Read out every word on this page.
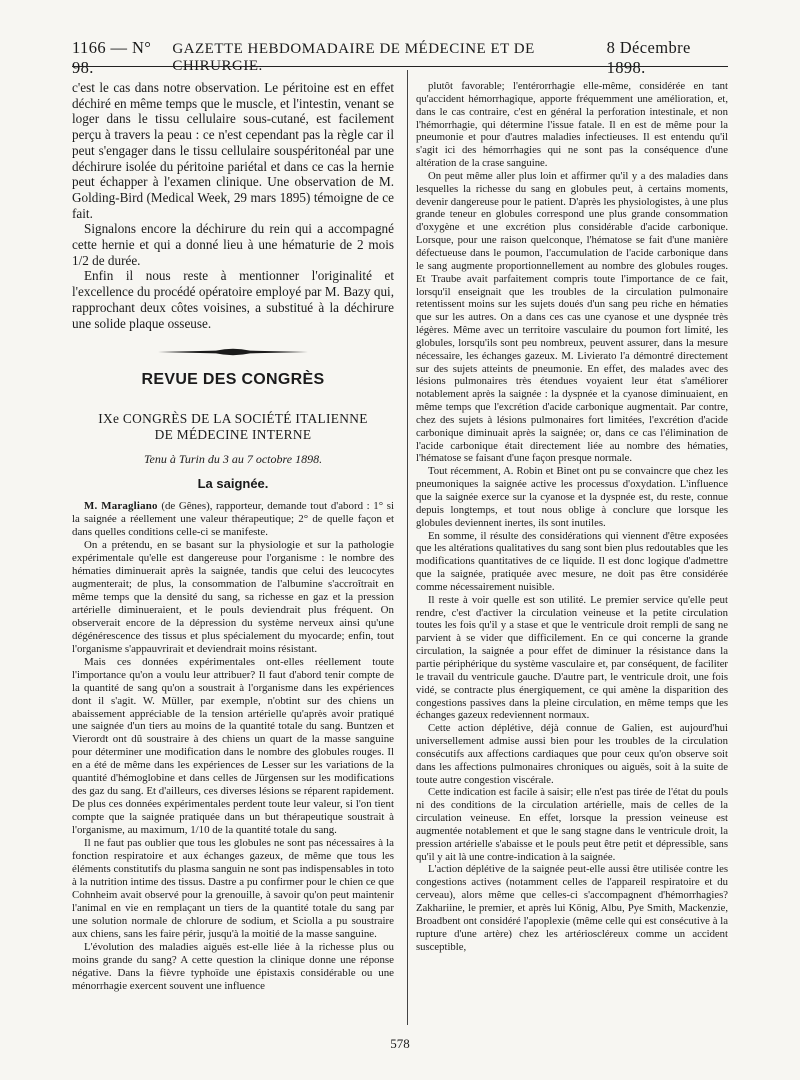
1166 — N° 98.
GAZETTE HEBDOMADAIRE DE MÉDECINE ET DE CHIRURGIE.
8 Décembre 1898.

c'est le cas dans notre observation. Le péritoine est en effet déchiré en même temps que le muscle, et l'intestin, venant se loger dans le tissu cellulaire sous-cutané, est facilement perçu à travers la peau : ce n'est cependant pas la règle car il peut s'engager dans le tissu cellulaire souspéritonéal par une déchirure isolée du péritoine pariétal et dans ce cas la hernie peut échapper à l'examen clinique. Une observation de M. Golding-Bird (Medical Week, 29 mars 1895) témoigne de ce fait.

Signalons encore la déchirure du rein qui a accompagné cette hernie et qui a donné lieu à une hématurie de 2 mois 1/2 de durée.

Enfin il nous reste à mentionner l'originalité et l'excellence du procédé opératoire employé par M. Bazy qui, rapprochant deux côtes voisines, a substitué à la déchirure une solide plaque osseuse.

REVUE DES CONGRÈS
IXe CONGRÈS DE LA SOCIÉTÉ ITALIENNE
DE MÉDECINE INTERNE
Tenu à Turin du 3 au 7 octobre 1898.
La saignée.

M. Maragliano (de Gênes), rapporteur, demande tout d'abord : 1° si la saignée a réellement une valeur thérapeutique; 2° de quelle façon et dans quelles conditions celle-ci se manifeste.

On a prétendu, en se basant sur la physiologie et sur la pathologie expérimentale qu'elle est dangereuse pour l'organisme : le nombre des hématies diminuerait après la saignée, tandis que celui des leucocytes augmenterait; de plus, la consommation de l'albumine s'accroîtrait en même temps que la densité du sang, sa richesse en gaz et la pression artérielle diminueraient, et le pouls deviendrait plus fréquent. On observerait encore de la dépression du système nerveux ainsi qu'une dégénérescence des tissus et plus spécialement du myocarde; enfin, tout l'organisme s'appauvrirait et deviendrait moins résistant.

Mais ces données expérimentales ont-elles réellement toute l'importance qu'on a voulu leur attribuer? Il faut d'abord tenir compte de la quantité de sang qu'on a soustrait à l'organisme dans les expériences dont il s'agit. W. Müller, par exemple, n'obtint sur des chiens un abaissement appréciable de la tension artérielle qu'après avoir pratiqué une saignée d'un tiers au moins de la quantité totale du sang. Buntzen et Vierordt ont dû soustraire à des chiens un quart de la masse sanguine pour déterminer une modification dans le nombre des globules rouges. Il en a été de même dans les expériences de Lesser sur les variations de la quantité d'hémoglobine et dans celles de Jürgensen sur les modifications des gaz du sang. Et d'ailleurs, ces diverses lésions se réparent rapidement. De plus ces données expérimentales perdent toute leur valeur, si l'on tient compte que la saignée pratiquée dans un but thérapeutique soustrait à l'organisme, au maximum, 1/10 de la quantité totale du sang.

Il ne faut pas oublier que tous les globules ne sont pas nécessaires à la fonction respiratoire et aux échanges gazeux, de même que tous les éléments constitutifs du plasma sanguin ne sont pas indispensables in toto à la nutrition intime des tissus. Dastre a pu confirmer pour le chien ce que Cohnheim avait observé pour la grenouille, à savoir qu'on peut maintenir l'animal en vie en remplaçant un tiers de la quantité totale du sang par une solution normale de chlorure de sodium, et Sciolla a pu soustraire aux chiens, sans les faire périr, jusqu'à la moitié de la masse sanguine.

L'évolution des maladies aiguës est-elle liée à la richesse plus ou moins grande du sang? A cette question la clinique donne une réponse négative. Dans la fièvre typhoïde une épistaxis considérable ou une ménorrhagie exercent souvent une influence

plutôt favorable; l'entérorrhagie elle-même, considérée en tant qu'accident hémorrhagique, apporte fréquemment une amélioration, et, dans le cas contraire, c'est en général la perforation intestinale, et non l'hémorrhagie, qui détermine l'issue fatale. Il en est de même pour la pneumonie et pour d'autres maladies infectieuses. Il est entendu qu'il s'agit ici des hémorrhagies qui ne sont pas la conséquence d'une altération de la crase sanguine.

On peut même aller plus loin et affirmer qu'il y a des maladies dans lesquelles la richesse du sang en globules peut, à certains moments, devenir dangereuse pour le patient. D'après les physiologistes, à une plus grande teneur en globules correspond une plus grande consommation d'oxygène et une excrétion plus considérable d'acide carbonique. Lorsque, pour une raison quelconque, l'hématose se fait d'une manière défectueuse dans le poumon, l'accumulation de l'acide carbonique dans le sang augmente proportionnellement au nombre des globules rouges. Et Traube avait parfaitement compris toute l'importance de ce fait, lorsqu'il enseignait que les troubles de la circulation pulmonaire retentissent moins sur les sujets doués d'un sang peu riche en hématies que sur les autres. On a dans ces cas une cyanose et une dyspnée très légères. Même avec un territoire vasculaire du poumon fort limité, les globules, lorsqu'ils sont peu nombreux, peuvent assurer, dans la mesure nécessaire, les échanges gazeux. M. Livierato l'a démontré directement sur des sujets atteints de pneumonie. En effet, des malades avec des lésions pulmonaires très étendues voyaient leur état s'améliorer notablement après la saignée : la dyspnée et la cyanose diminuaient, en même temps que l'excrétion d'acide carbonique augmentait. Par contre, chez des sujets à lésions pulmonaires fort limitées, l'excrétion d'acide carbonique diminuait après la saignée; or, dans ce cas l'élimination de l'acide carbonique était directement liée au nombre des hématies, l'hématose se faisant d'une façon presque normale.

Tout récemment, A. Robin et Binet ont pu se convaincre que chez les pneumoniques la saignée active les processus d'oxydation. L'influence que la saignée exerce sur la cyanose et la dyspnée est, du reste, connue depuis longtemps, et tout nous oblige à conclure que lorsque les globules deviennent inertes, ils sont inutiles.

En somme, il résulte des considérations qui viennent d'être exposées que les altérations qualitatives du sang sont bien plus redoutables que les modifications quantitatives de ce liquide. Il est donc logique d'admettre que la saignée, pratiquée avec mesure, ne doit pas être considérée comme nécessairement nuisible.

Il reste à voir quelle est son utilité. Le premier service qu'elle peut rendre, c'est d'activer la circulation veineuse et la petite circulation toutes les fois qu'il y a stase et que le ventricule droit rempli de sang ne parvient à se vider que difficilement. En ce qui concerne la grande circulation, la saignée a pour effet de diminuer la résistance dans la partie périphérique du système vasculaire et, par conséquent, de faciliter le travail du ventricule gauche. D'autre part, le ventricule droit, une fois vidé, se contracte plus énergiquement, ce qui amène la disparition des congestions passives dans la pleine circulation, en même temps que les échanges gazeux redeviennent normaux.

Cette action déplétive, déjà connue de Galien, est aujourd'hui universellement admise aussi bien pour les troubles de la circulation consécutifs aux affections cardiaques que pour ceux qu'on observe soit dans les affections pulmonaires chroniques ou aiguës, soit à la suite de toute autre congestion viscérale.

Cette indication est facile à saisir; elle n'est pas tirée de l'état du pouls ni des conditions de la circulation artérielle, mais de celles de la circulation veineuse. En effet, lorsque la pression veineuse est augmentée notablement et que le sang stagne dans le ventricule droit, la pression artérielle s'abaisse et le pouls peut être petit et dépressible, sans qu'il y ait là une contre-indication à la saignée.

L'action déplétive de la saignée peut-elle aussi être utilisée contre les congestions actives (notamment celles de l'appareil respiratoire et du cerveau), alors même que celles-ci s'accompagnent d'hémorrhagies? Zakhariine, le premier, et après lui König, Albu, Pye Smith, Mackenzie, Broadbent ont considéré l'apoplexie (même celle qui est consécutive à la rupture d'une artère) chez les artérioscléreux comme un accident susceptible,

578
